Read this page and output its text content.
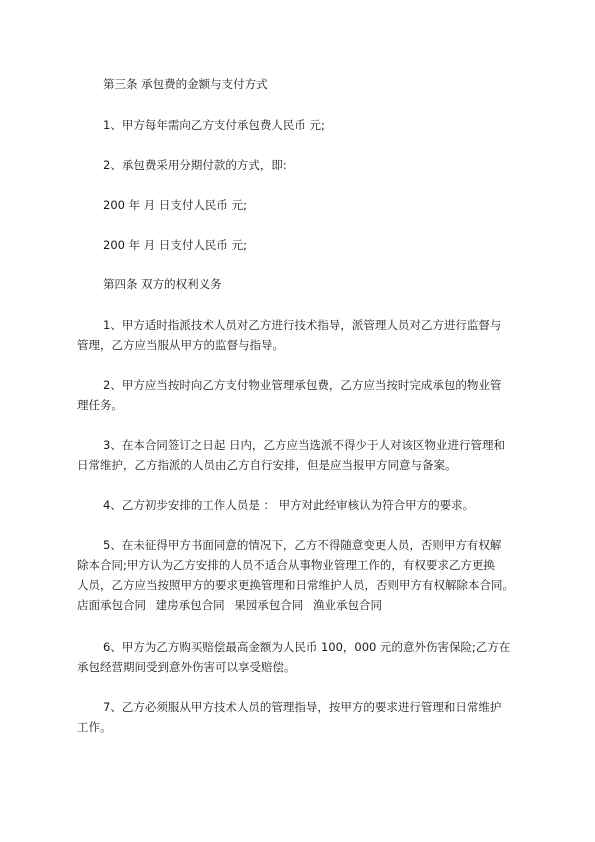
第三条 承包费的金额与支付方式
1、甲方每年需向乙方支付承包费人民币 元;
2、承包费采用分期付款的方式，即:
200 年 月 日支付人民币 元;
200 年 月 日支付人民币 元;
第四条 双方的权利义务
1、甲方适时指派技术人员对乙方进行技术指导，派管理人员对乙方进行监督与
管理，乙方应当服从甲方的监督与指导。
2、甲方应当按时向乙方支付物业管理承包费，乙方应当按时完成承包的物业管
理任务。
3、在本合同签订之日起 日内，乙方应当选派不得少于人对该区物业进行管理和
日常维护，乙方指派的人员由乙方自行安排，但是应当报甲方同意与备案。
4、乙方初步安排的工作人员是 ： 甲方对此经审核认为符合甲方的要求。
5、在未征得甲方书面同意的情况下，乙方不得随意变更人员，否则甲方有权解
除本合同;甲方认为乙方安排的人员不适合从事物业管理工作的，有权要求乙方更换
人员，乙方应当按照甲方的要求更换管理和日常维护人员，否则甲方有权解除本合同。
店面承包合同 建房承包合同 果园承包合同 渔业承包合同
6、甲方为乙方购买赔偿最高金额为人民币 100，000 元的意外伤害保险;乙方在
承包经营期间受到意外伤害可以享受赔偿。
7、乙方必须服从甲方技术人员的管理指导，按甲方的要求进行管理和日常维护
工作。
